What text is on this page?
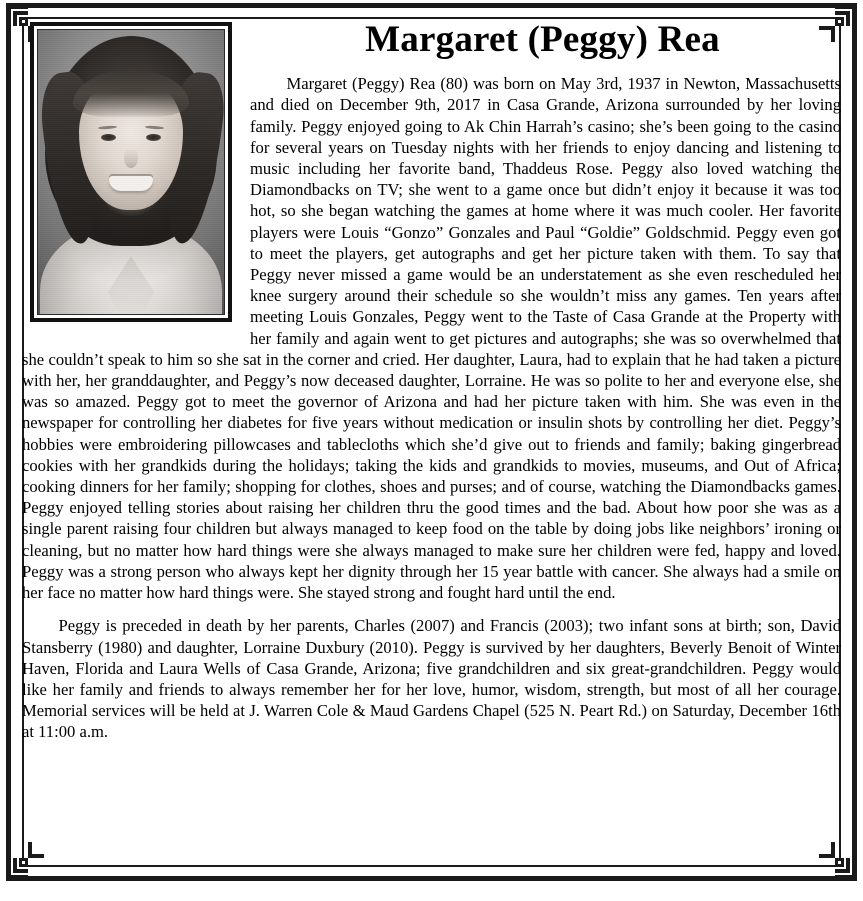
Margaret (Peggy) Rea

Margaret (Peggy) Rea (80) was born on May 3rd, 1937 in Newton, Massachusetts and died on December 9th, 2017 in Casa Grande, Arizona surrounded by her loving family. Peggy enjoyed going to Ak Chin Harrah’s casino; she’s been going to the casino for several years on Tuesday nights with her friends to enjoy dancing and listening to music including her favorite band, Thaddeus Rose. Peggy also loved watching the Diamondbacks on TV; she went to a game once but didn’t enjoy it because it was too hot, so she began watching the games at home where it was much cooler. Her favorite players were Louis “Gonzo” Gonzales and Paul “Goldie” Goldschmid. Peggy even got to meet the players, get autographs and get her picture taken with them. To say that Peggy never missed a game would be an understatement as she even rescheduled her knee surgery around their schedule so she wouldn’t miss any games. Ten years after meeting Louis Gonzales, Peggy went to the Taste of Casa Grande at the Property with her family and again went to get pictures and autographs; she was so overwhelmed that she couldn’t speak to him so she sat in the corner and cried. Her daughter, Laura, had to explain that he had taken a picture with her, her granddaughter, and Peggy’s now deceased daughter, Lorraine. He was so polite to her and everyone else, she was so amazed. Peggy got to meet the governor of Arizona and had her picture taken with him. She was even in the newspaper for controlling her diabetes for five years without medication or insulin shots by controlling her diet. Peggy’s hobbies were embroidering pillowcases and tablecloths which she’d give out to friends and family; baking gingerbread cookies with her grandkids during the holidays; taking the kids and grandkids to movies, museums, and Out of Africa; cooking dinners for her family; shopping for clothes, shoes and purses; and of course, watching the Diamondbacks games. Peggy enjoyed telling stories about raising her children thru the good times and the bad. About how poor she was as a single parent raising four children but always managed to keep food on the table by doing jobs like neighbors’ ironing or cleaning, but no matter how hard things were she always managed to make sure her children were fed, happy and loved. Peggy was a strong person who always kept her dignity through her 15 year battle with cancer. She always had a smile on her face no matter how hard things were. She stayed strong and fought hard until the end.

Peggy is preceded in death by her parents, Charles (2007) and Francis (2003); two infant sons at birth; son, David Stansberry (1980) and daughter, Lorraine Duxbury (2010). Peggy is survived by her daughters, Beverly Benoit of Winter Haven, Florida and Laura Wells of Casa Grande, Arizona; five grandchildren and six great-grandchildren. Peggy would like her family and friends to always remember her for her love, humor, wisdom, strength, but most of all her courage. Memorial services will be held at J. Warren Cole & Maud Gardens Chapel (525 N. Peart Rd.) on Saturday, December 16th at 11:00 a.m.
